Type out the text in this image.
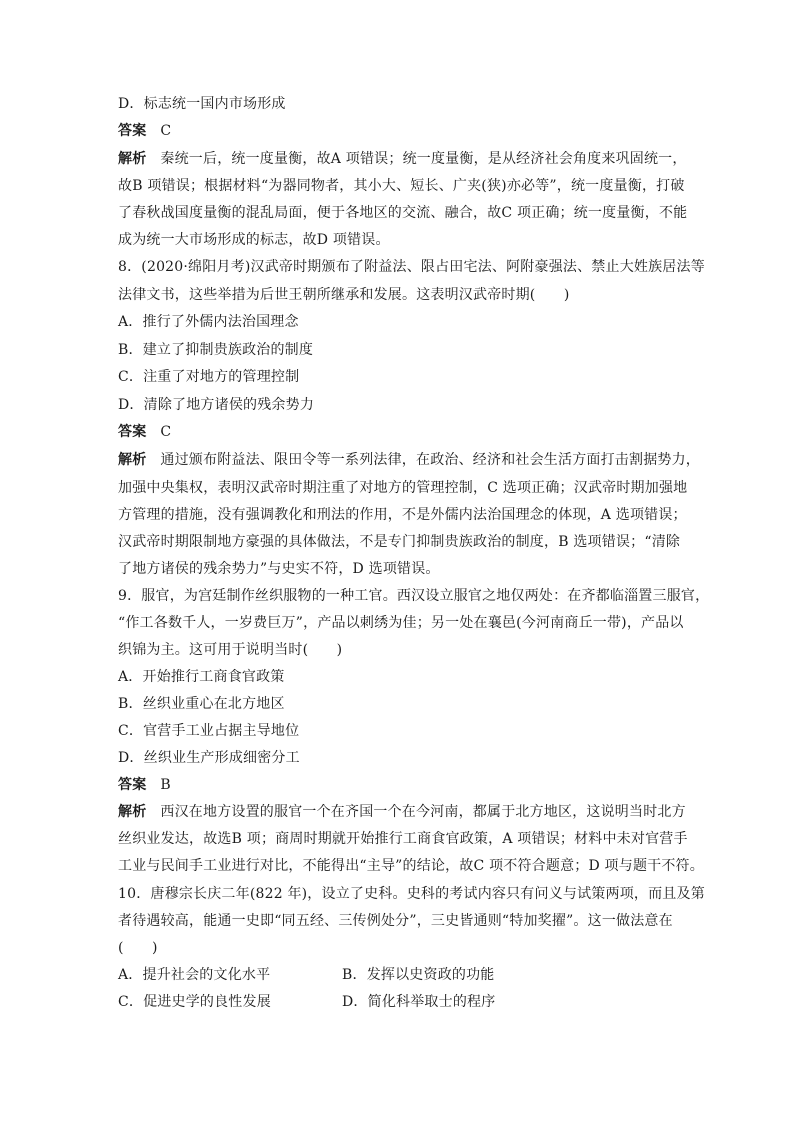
D．标志统一国内市场形成
答案 C
解析 秦统一后，统一度量衡，故A 项错误；统一度量衡，是从经济社会角度来巩固统一，
故B 项错误；根据材料“为器同物者，其小大、短长、广夹(狭)亦必等”，统一度量衡，打破
了春秋战国度量衡的混乱局面，便于各地区的交流、融合，故C 项正确；统一度量衡，不能
成为统一大市场形成的标志，故D 项错误。
8．(2020·绵阳月考)汉武帝时期颁布了附益法、限占田宅法、阿附豪强法、禁止大姓族居法等
法律文书，这些举措为后世王朝所继承和发展。这表明汉武帝时期(　　)
A．推行了外儒内法治国理念
B．建立了抑制贵族政治的制度
C．注重了对地方的管理控制
D．清除了地方诸侯的残余势力
答案 C
解析 通过颁布附益法、限田令等一系列法律，在政治、经济和社会生活方面打击割据势力，
加强中央集权，表明汉武帝时期注重了对地方的管理控制，C 选项正确；汉武帝时期加强地
方管理的措施，没有强调教化和刑法的作用，不是外儒内法治国理念的体现，A 选项错误；
汉武帝时期限制地方豪强的具体做法，不是专门抑制贵族政治的制度，B 选项错误；“清除
了地方诸侯的残余势力”与史实不符，D 选项错误。
9．服官，为宫廷制作丝织服物的一种工官。西汉设立服官之地仅两处：在齐都临淄置三服官，
“作工各数千人，一岁费巨万”，产品以刺绣为佳；另一处在襄邑(今河南商丘一带)，产品以
织锦为主。这可用于说明当时(　　)
A．开始推行工商食官政策
B．丝织业重心在北方地区
C．官营手工业占据主导地位
D．丝织业生产形成细密分工
答案 B
解析 西汉在地方设置的服官一个在齐国一个在今河南，都属于北方地区，这说明当时北方
丝织业发达，故选B 项；商周时期就开始推行工商食官政策，A 项错误；材料中未对官营手
工业与民间手工业进行对比，不能得出“主导”的结论，故C 项不符合题意；D 项与题干不符。
10．唐穆宗长庆二年(822 年)，设立了史科。史科的考试内容只有问义与试策两项，而且及第
者待遇较高，能通一史即“同五经、三传例处分”，三史皆通则“特加奖擢”。这一做法意在
(　　)
A．提升社会的文化水平	B．发挥以史资政的功能
C．促进史学的良性发展	D．简化科举取士的程序
